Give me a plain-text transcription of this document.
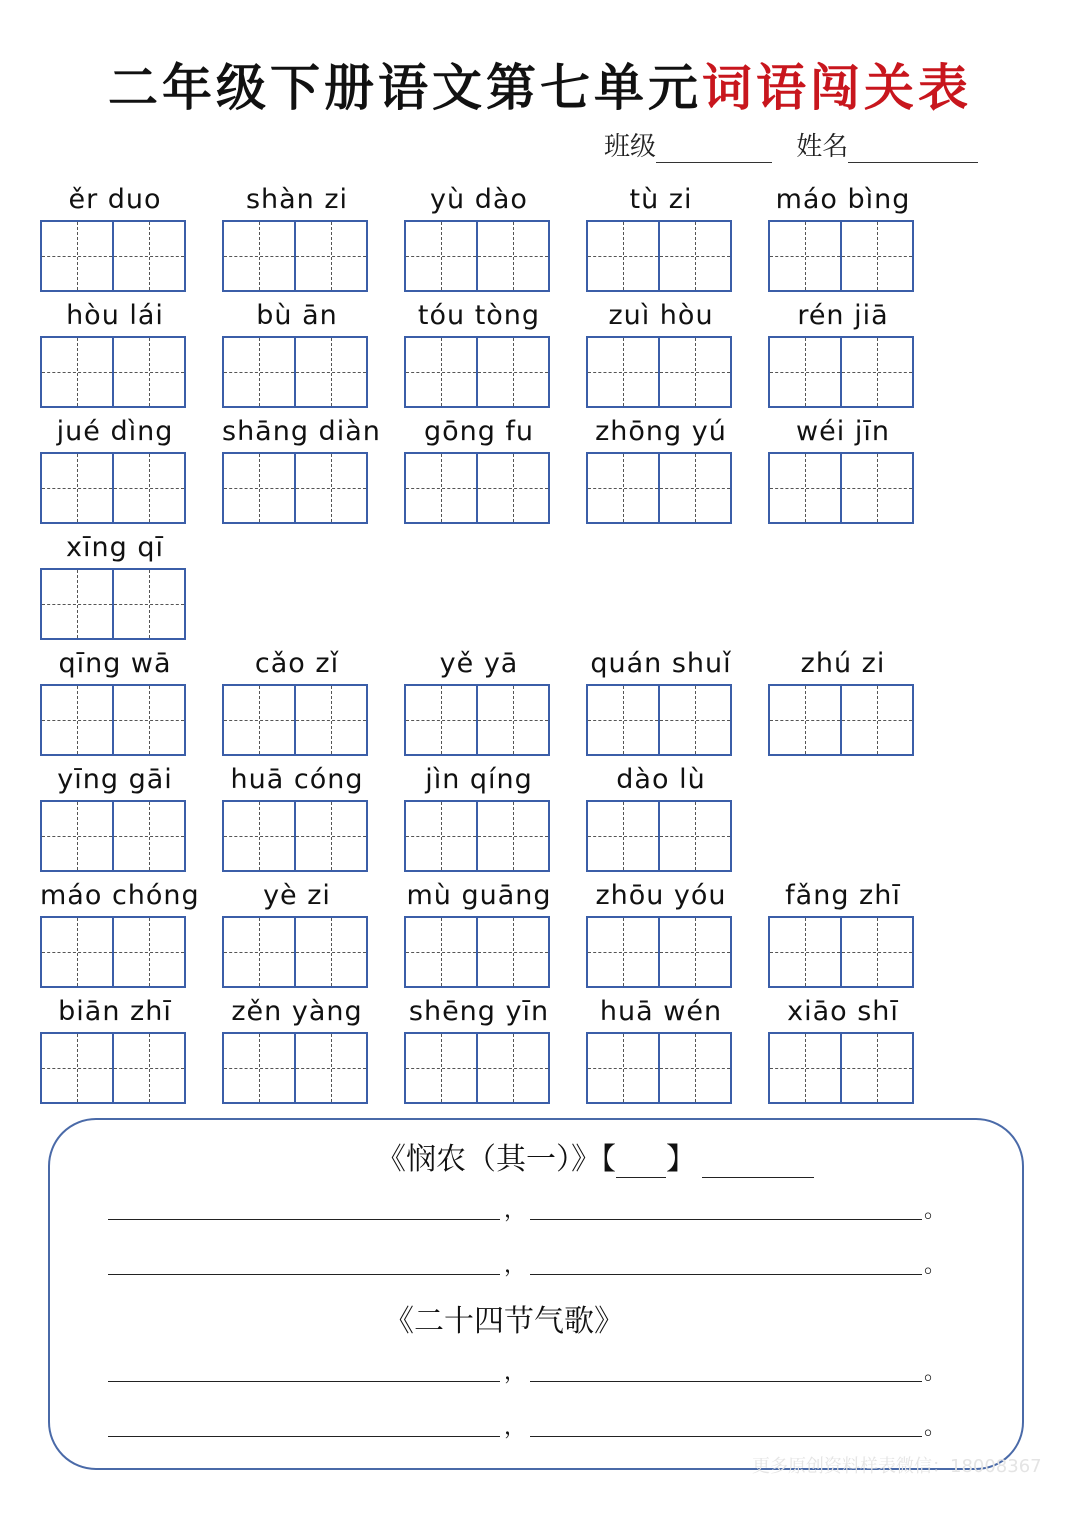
二年级下册语文第七单元词语闯关表
班级	姓名
ěr duo	shàn zi	yù dào	tù zi	máo bìng
hòu lái	bù ān	tóu tòng	zuì hòu	rén jiā
jué dìng	shāng diàn	gōng fu	zhōng yú	wéi jīn
xīng qī
qīng wā	cǎo zǐ	yě yā	quán shuǐ	zhú zi
yīng gāi	huā cóng	jìn qíng	dào lù
máo chóng	yè zi	mù guāng	zhōu yóu	fǎng zhī
biān zhī	zěn yàng	shēng yīn	huā wén	xiāo shī
《悯农（其一）》【 】
，	。
，	。
《二十四节气歌》
，	。
，	。
更多原创资料样表微信：18008367
